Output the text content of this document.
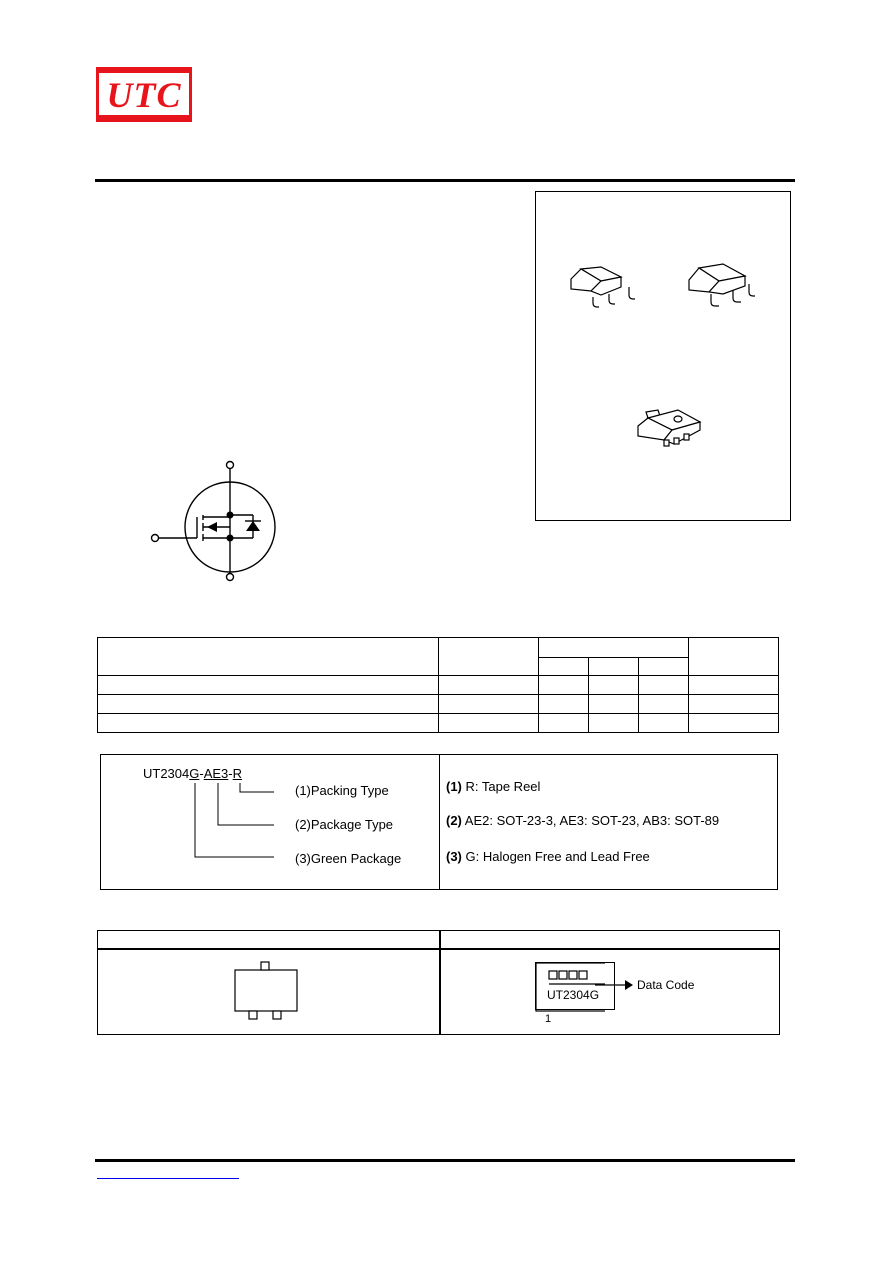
UTC

UT2304G-AE3-R
(1)Packing Type
(2)Package Type
(3)Green Package
(1) R: Tape Reel
(2) AE2: SOT-23-3, AE3: SOT-23, AB3: SOT-89
(3) G: Halogen Free and Lead Free
UT2304G
Data Code
1
